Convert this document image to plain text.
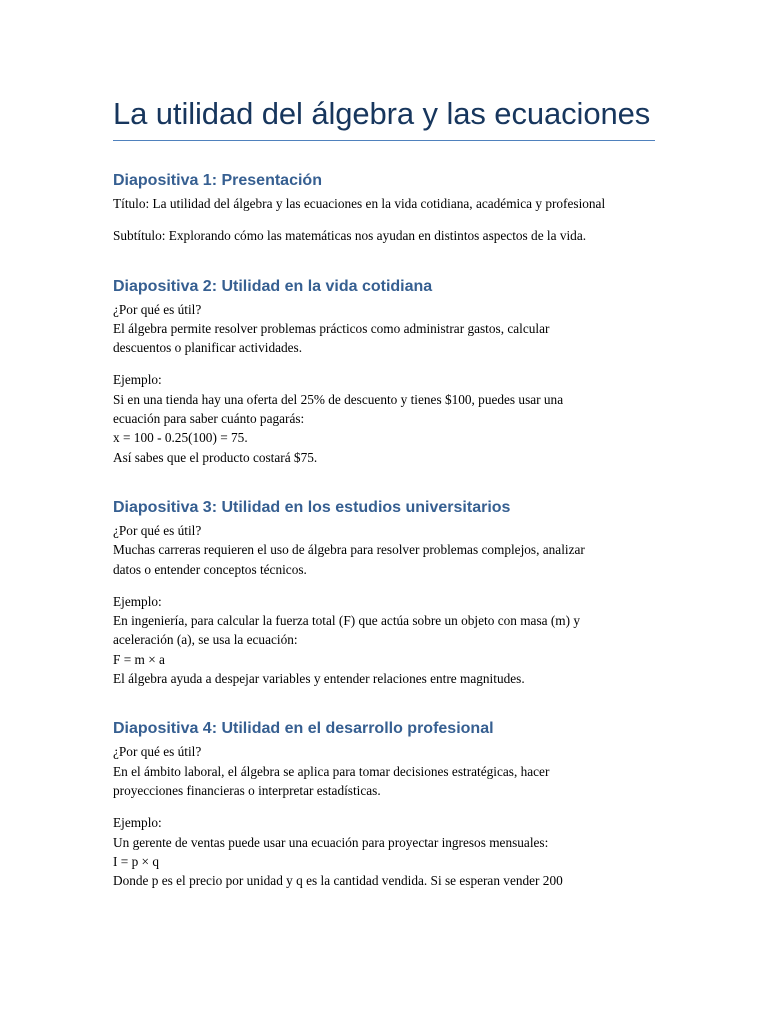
La utilidad del álgebra y las ecuaciones
Diapositiva 1: Presentación
Título: La utilidad del álgebra y las ecuaciones en la vida cotidiana, académica y profesional
Subtítulo: Explorando cómo las matemáticas nos ayudan en distintos aspectos de la vida.
Diapositiva 2: Utilidad en la vida cotidiana
¿Por qué es útil?
El álgebra permite resolver problemas prácticos como administrar gastos, calcular
descuentos o planificar actividades.
Ejemplo:
Si en una tienda hay una oferta del 25% de descuento y tienes $100, puedes usar una
ecuación para saber cuánto pagarás:
x = 100 - 0.25(100) = 75.
Así sabes que el producto costará $75.
Diapositiva 3: Utilidad en los estudios universitarios
¿Por qué es útil?
Muchas carreras requieren el uso de álgebra para resolver problemas complejos, analizar
datos o entender conceptos técnicos.
Ejemplo:
En ingeniería, para calcular la fuerza total (F) que actúa sobre un objeto con masa (m) y
aceleración (a), se usa la ecuación:
F = m × a
El álgebra ayuda a despejar variables y entender relaciones entre magnitudes.
Diapositiva 4: Utilidad en el desarrollo profesional
¿Por qué es útil?
En el ámbito laboral, el álgebra se aplica para tomar decisiones estratégicas, hacer
proyecciones financieras o interpretar estadísticas.
Ejemplo:
Un gerente de ventas puede usar una ecuación para proyectar ingresos mensuales:
I = p × q
Donde p es el precio por unidad y q es la cantidad vendida. Si se esperan vender 200
